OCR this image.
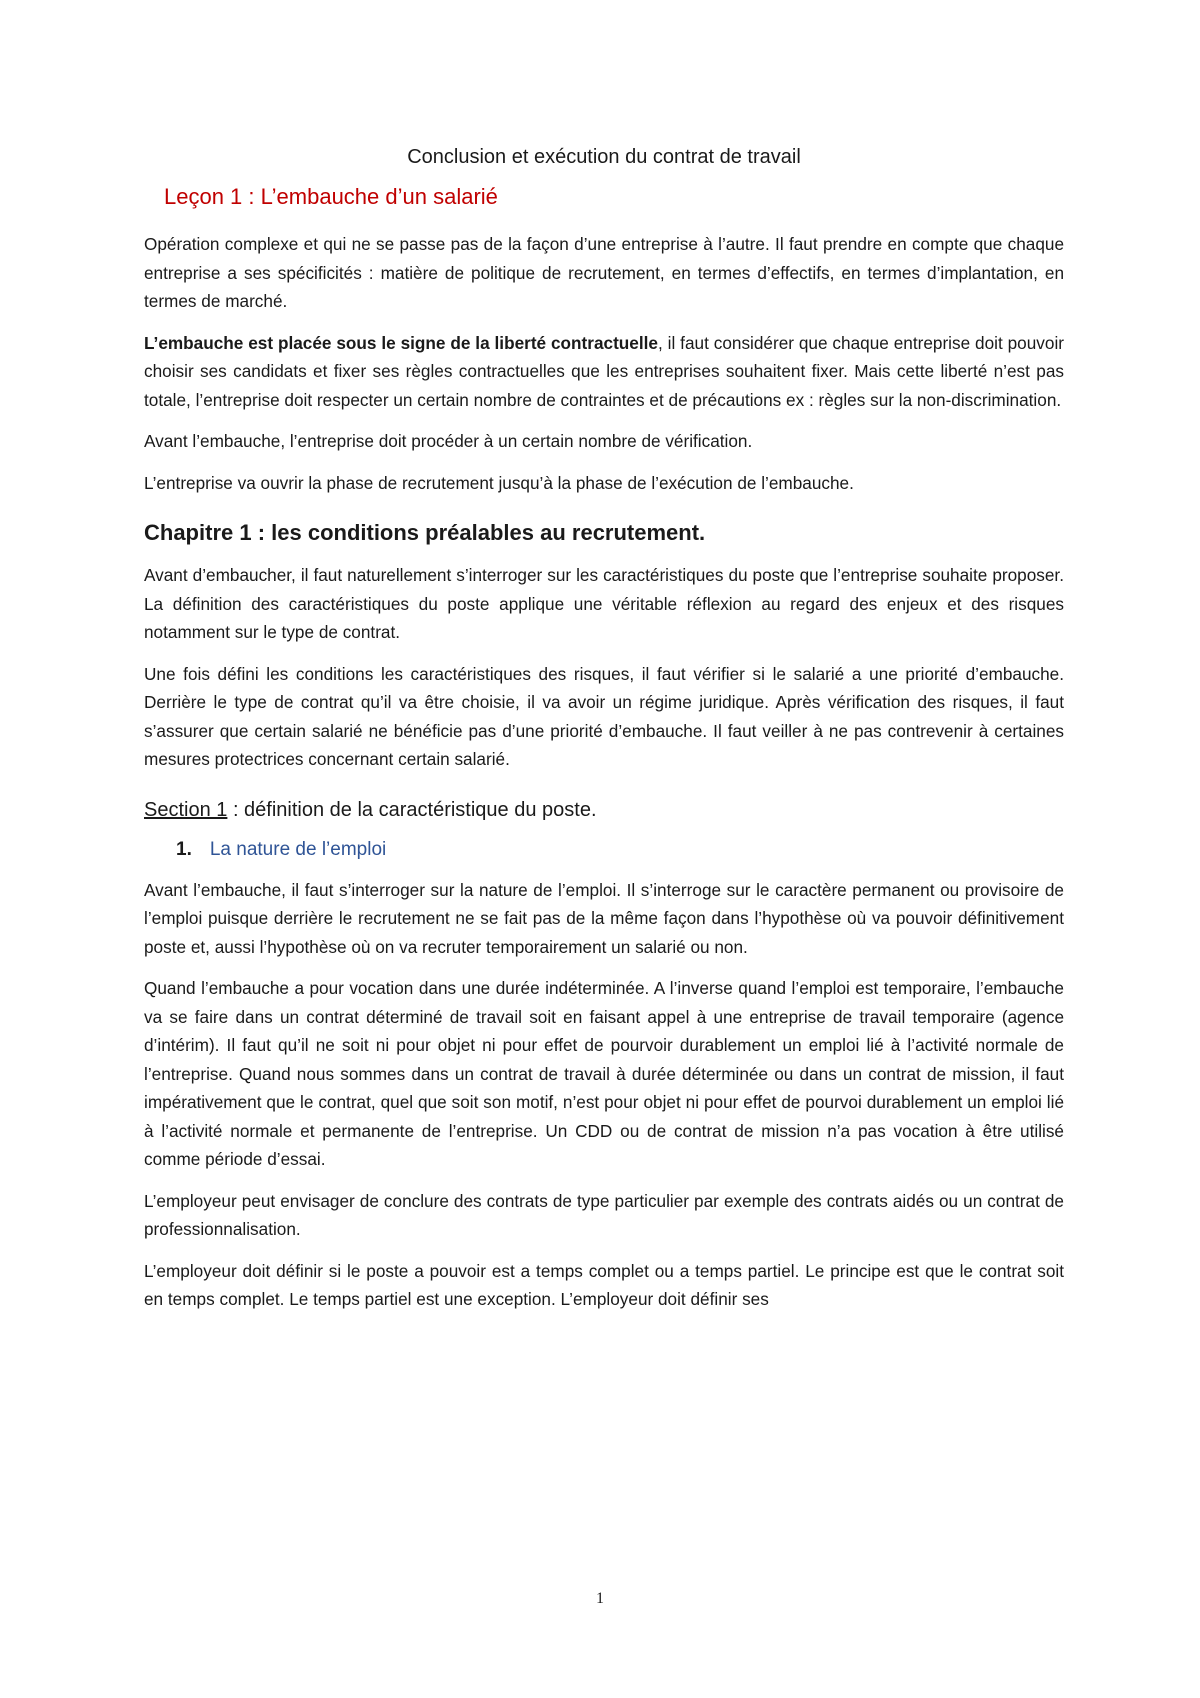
Conclusion et exécution du contrat de travail
Leçon 1 : L’embauche d’un salarié

Opération complexe et qui ne se passe pas de la façon d’une entreprise à l’autre. Il faut prendre en compte que chaque entreprise a ses spécificités : matière de politique de recrutement, en termes d’effectifs, en termes d’implantation, en termes de marché.

L’embauche est placée sous le signe de la liberté contractuelle, il faut considérer que chaque entreprise doit pouvoir choisir ses candidats et fixer ses règles contractuelles que les entreprises souhaitent fixer. Mais cette liberté n’est pas totale, l’entreprise doit respecter un certain nombre de contraintes et de précautions ex : règles sur la non-discrimination.

Avant l’embauche, l’entreprise doit procéder à un certain nombre de vérification.

L’entreprise va ouvrir la phase de recrutement jusqu’à la phase de l’exécution de l’embauche.

Chapitre 1 : les conditions préalables au recrutement.

Avant d’embaucher, il faut naturellement s’interroger sur les caractéristiques du poste que l’entreprise souhaite proposer. La définition des caractéristiques du poste applique une véritable réflexion au regard des enjeux et des risques notamment sur le type de contrat.

Une fois défini les conditions les caractéristiques des risques, il faut vérifier si le salarié a une priorité d’embauche. Derrière le type de contrat qu’il va être choisie, il va avoir un régime juridique. Après vérification des risques, il faut s’assurer que certain salarié ne bénéficie pas d’une priorité d’embauche. Il faut veiller à ne pas contrevenir à certaines mesures protectrices concernant certain salarié.

Section 1 : définition de la caractéristique du poste.
1. La nature de l’emploi

Avant l’embauche, il faut s’interroger sur la nature de l’emploi. Il s’interroge sur le caractère permanent ou provisoire de l’emploi puisque derrière le recrutement ne se fait pas de la même façon dans l’hypothèse où va pouvoir définitivement poste et, aussi l’hypothèse où on va recruter temporairement un salarié ou non.

Quand l’embauche a pour vocation dans une durée indéterminée. A l’inverse quand l’emploi est temporaire, l’embauche va se faire dans un contrat déterminé de travail soit en faisant appel à une entreprise de travail temporaire (agence d’intérim). Il faut qu’il ne soit ni pour objet ni pour effet de pourvoir durablement un emploi lié à l’activité normale de l’entreprise. Quand nous sommes dans un contrat de travail à durée déterminée ou dans un contrat de mission, il faut impérativement que le contrat, quel que soit son motif, n’est pour objet ni pour effet de pourvoi durablement un emploi lié à l’activité normale et permanente de l’entreprise. Un CDD ou de contrat de mission n’a pas vocation à être utilisé comme période d’essai.

L’employeur peut envisager de conclure des contrats de type particulier par exemple des contrats aidés ou un contrat de professionnalisation.

L’employeur doit définir si le poste a pouvoir est a temps complet ou a temps partiel. Le principe est que le contrat soit en temps complet. Le temps partiel est une exception. L’employeur doit définir ses

1
